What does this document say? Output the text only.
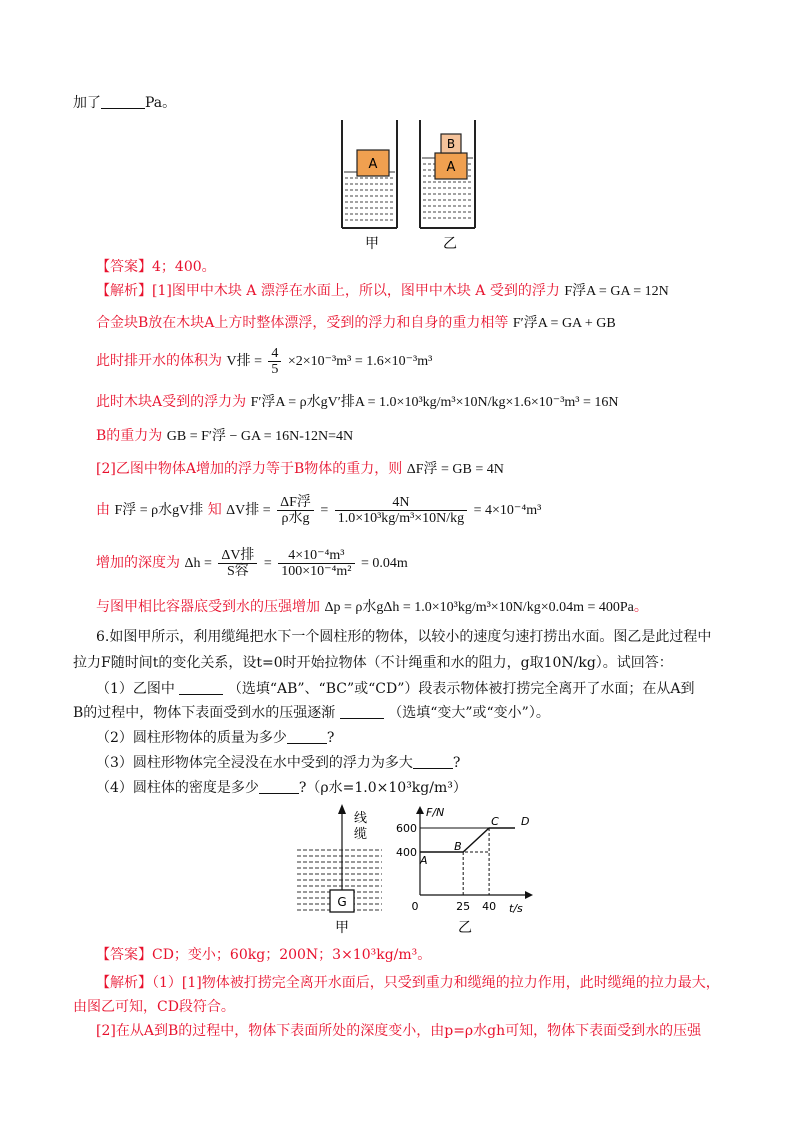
加了	Pa。
A	A
B
甲	乙
【答案】4；400。
【解析】[1]图甲中木块 A 漂浮在水面上，所以，图甲中木块 A 受到的浮力 F浮A = GA = 12N
合金块B放在木块A上方时整体漂浮，受到的浮力和自身的重力相等 F′浮A = GA + GB
此时排开水的体积为 V排 = $\frac{4}{5} \times 2\times 10^{-3}m^3 = 1.6\times 10^{-3}m^3$
此时木块A受到的浮力为 F′浮A = ρ水gV′排A = 1.0×10³kg/m³×10N/kg×1.6×10⁻³m³ = 16N
B的重力为 GB = F′浮 − GA = 16N-12N=4N
[2]乙图中物体A增加的浮力等于B物体的重力，则 ΔF浮 = GB = 4N
由 F浮 = ρ水gV排 知 ΔV排 = $\frac{\text{ΔF浮}}{\text{ρ水g}} = \frac{4N}{\text{1.0×10³kg/m³×10N/kg}} = 4\times 10^{-4}m^3$
增加的深度为 $\Delta h = \frac{\text{ΔV排}}{\text{S容}} = \frac{\text{4×10⁻⁴m³}}{\text{100×10⁻⁴m²}} = 0.04m$
与图甲相比容器底受到水的压强增加 Δp = ρ水gΔh = 1.0×10³kg/m³×10N/kg×0.04m = 400Pa。
6.如图甲所示，利用缆绳把水下一个圆柱形的物体，以较小的速度匀速打捞出水面。图乙是此过程中
拉力F随时间t的变化关系，设t=0时开始拉物体（不计绳重和水的阻力，g取10N/kg）。试回答：
（1）乙图中	（选填“AB”、“BC”或“CD”）段表示物体被打捞完全离开了水面；在从A到
B的过程中，物体下表面受到水的压强逐渐	（选填“变大”或“变小”）。
（2）圆柱形物体的质量为多少	?
（3）圆柱形物体完全浸没在水中受到的浮力为多大	?
（4）圆柱体的密度是多少	?（ρ水=1.0×10³kg/m³）
线
缆
G
甲
F/N
t/s
0
400
600
25 40
A
B
C D
乙
【答案】CD；变小；60kg；200N；3×10³kg/m³。
【解析】（1）[1]物体被打捞完全离开水面后，只受到重力和缆绳的拉力作用，此时缆绳的拉力最大，
由图乙可知，CD段符合。
[2]在从A到B的过程中，物体下表面所处的深度变小，由p=ρ水gh可知，物体下表面受到水的压强
